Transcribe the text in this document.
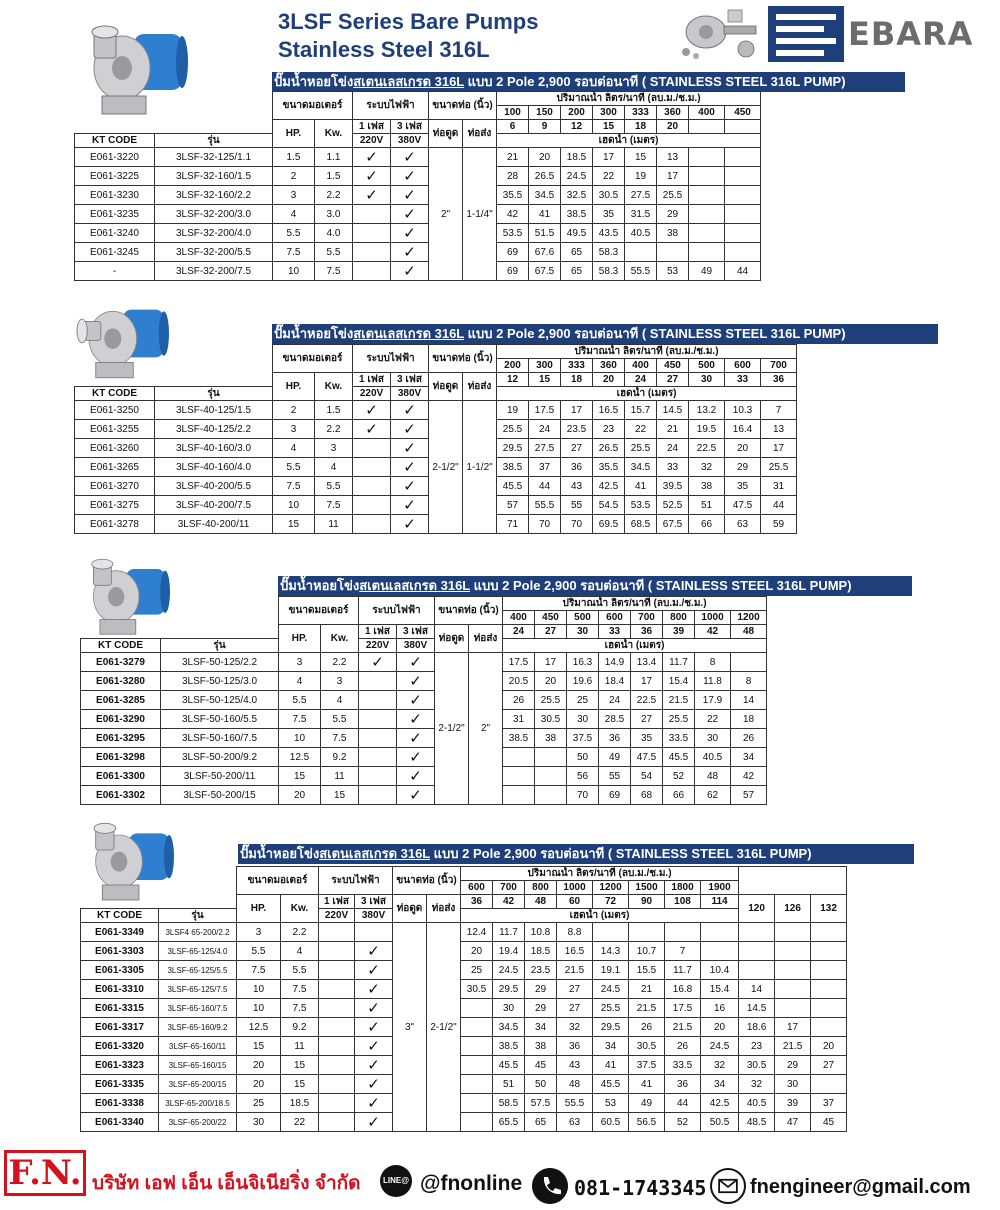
3LSF Series Bare Pumps
Stainless Steel 316L	EBARA
ปั๊มน้ำหอยโข่งสเตนเลสเกรด 316L แบบ 2 Pole 2,900 รอบต่อนาที ( STAINLESS STEEL 316L PUMP)
		ขนาดมอเตอร์		ระบบไฟฟ้า		ขนาดท่อ (นิ้ว)		ปริมาณน้ำ ลิตร/นาที (ลบ.ม./ช.ม.)							
								100	150	200	300	333	360	400	450
		HP.	Kw.	1 เฟส	3 เฟส	ท่อดูด	ท่อส่ง	6	9	12	15	18	20		
KT CODE	รุ่น			220V	380V			เฮดน้ำ (เมตร)							
E061-3220	3LSF-32-125/1.1	1.5	1.1	✓	✓	2"	1-1/4"	21	20	18.5	17	15	13		
E061-3225	3LSF-32-160/1.5	2	1.5	✓	✓			28	26.5	24.5	22	19	17		
E061-3230	3LSF-32-160/2.2	3	2.2	✓	✓			35.5	34.5	32.5	30.5	27.5	25.5		
E061-3235	3LSF-32-200/3.0	4	3.0		✓			42	41	38.5	35	31.5	29		
E061-3240	3LSF-32-200/4.0	5.5	4.0		✓			53.5	51.5	49.5	43.5	40.5	38		
E061-3245	3LSF-32-200/5.5	7.5	5.5		✓			69	67.6	65	58.3				
-	3LSF-32-200/7.5	10	7.5		✓			69	67.5	65	58.3	55.5	53	49	44
ปั๊มน้ำหอยโข่งสเตนเลสเกรด 316L แบบ 2 Pole 2,900 รอบต่อนาที ( STAINLESS STEEL 316L PUMP)
		ขนาดมอเตอร์		ระบบไฟฟ้า		ขนาดท่อ (นิ้ว)		ปริมาณน้ำ ลิตร/นาที (ลบ.ม./ช.ม.)								
								200	300	333	360	400	450	500	600	700
		HP.	Kw.	1 เฟส	3 เฟส	ท่อดูด	ท่อส่ง	12	15	18	20	24	27	30	33	36
KT CODE	รุ่น			220V	380V			เฮดน้ำ (เมตร)								
E061-3250	3LSF-40-125/1.5	2	1.5	✓	✓	2-1/2"	1-1/2"	19	17.5	17	16.5	15.7	14.5	13.2	10.3	7
E061-3255	3LSF-40-125/2.2	3	2.2	✓	✓			25.5	24	23.5	23	22	21	19.5	16.4	13
E061-3260	3LSF-40-160/3.0	4	3		✓			29.5	27.5	27	26.5	25.5	24	22.5	20	17
E061-3265	3LSF-40-160/4.0	5.5	4		✓			38.5	37	36	35.5	34.5	33	32	29	25.5
E061-3270	3LSF-40-200/5.5	7.5	5.5		✓			45.5	44	43	42.5	41	39.5	38	35	31
E061-3275	3LSF-40-200/7.5	10	7.5		✓			57	55.5	55	54.5	53.5	52.5	51	47.5	44
E061-3278	3LSF-40-200/11	15	11		✓			71	70	70	69.5	68.5	67.5	66	63	59
ปั๊มน้ำหอยโข่งสเตนเลสเกรด 316L แบบ 2 Pole 2,900 รอบต่อนาที ( STAINLESS STEEL 316L PUMP)
		ขนาดมอเตอร์		ระบบไฟฟ้า		ขนาดท่อ (นิ้ว)		ปริมาณน้ำ ลิตร/นาที (ลบ.ม./ช.ม.)							
								400	450	500	600	700	800	1000	1200
		HP.	Kw.	1 เฟส	3 เฟส	ท่อดูด	ท่อส่ง	24	27	30	33	36	39	42	48
KT CODE	รุ่น			220V	380V			เฮดน้ำ (เมตร)							
E061-3279	3LSF-50-125/2.2	3	2.2	✓	✓	2-1/2"	2"	17.5	17	16.3	14.9	13.4	11.7	8	
E061-3280	3LSF-50-125/3.0	4	3		✓			20.5	20	19.6	18.4	17	15.4	11.8	8
E061-3285	3LSF-50-125/4.0	5.5	4		✓			26	25.5	25	24	22.5	21.5	17.9	14
E061-3290	3LSF-50-160/5.5	7.5	5.5		✓			31	30.5	30	28.5	27	25.5	22	18
E061-3295	3LSF-50-160/7.5	10	7.5		✓			38.5	38	37.5	36	35	33.5	30	26
E061-3298	3LSF-50-200/9.2	12.5	9.2		✓					50	49	47.5	45.5	40.5	34
E061-3300	3LSF-50-200/11	15	11		✓					56	55	54	52	48	42
E061-3302	3LSF-50-200/15	20	15		✓					70	69	68	66	62	57
ปั๊มน้ำหอยโข่งสเตนเลสเกรด 316L แบบ 2 Pole 2,900 รอบต่อนาที ( STAINLESS STEEL 316L PUMP)
		ขนาดมอเตอร์		ระบบไฟฟ้า		ขนาดท่อ (นิ้ว)		ปริมาณน้ำ ลิตร/นาที (ลบ.ม./ช.ม.)										
								600	700	800	1000	1200	1500	1800	1900			
		HP.	Kw.	1 เฟส	3 เฟส	ท่อดูด	ท่อส่ง	36	42	48	60	72	90	108	114	120	126	132
KT CODE	รุ่น			220V	380V			เฮดน้ำ (เมตร)										
E061-3349	3LSF4 65-200/2.2	3	2.2			3"	2-1/2"	12.4	11.7	10.8	8.8							
E061-3303	3LSF-65-125/4.0	5.5	4		✓			20	19.4	18.5	16.5	14.3	10.7	7				
E061-3305	3LSF-65-125/5.5	7.5	5.5		✓			25	24.5	23.5	21.5	19.1	15.5	11.7	10.4			
E061-3310	3LSF-65-125/7.5	10	7.5		✓			30.5	29.5	29	27	24.5	21	16.8	15.4	14		
E061-3315	3LSF-65-160/7.5	10	7.5		✓				30	29	27	25.5	21.5	17.5	16	14.5		
E061-3317	3LSF-65-160/9.2	12.5	9.2		✓				34.5	34	32	29.5	26	21.5	20	18.6	17	
E061-3320	3LSF-65-160/11	15	11		✓				38.5	38	36	34	30.5	26	24.5	23	21.5	20
E061-3323	3LSF-65-160/15	20	15		✓				45.5	45	43	41	37.5	33.5	32	30.5	29	27
E061-3335	3LSF-65-200/15	20	15		✓				51	50	48	45.5	41	36	34	32	30	
E061-3338	3LSF-65-200/18.5	25	18.5		✓				58.5	57.5	55.5	53	49	44	42.5	40.5	39	37
E061-3340	3LSF-65-200/22	30	22		✓				65.5	65	63	60.5	56.5	52	50.5	48.5	47	45
F.N. บริษัท เอฟ เอ็น เอ็นจิเนียริ่ง จำกัด	LINE@ @fnonline	081-1743345 fnengineer@gmail.com
